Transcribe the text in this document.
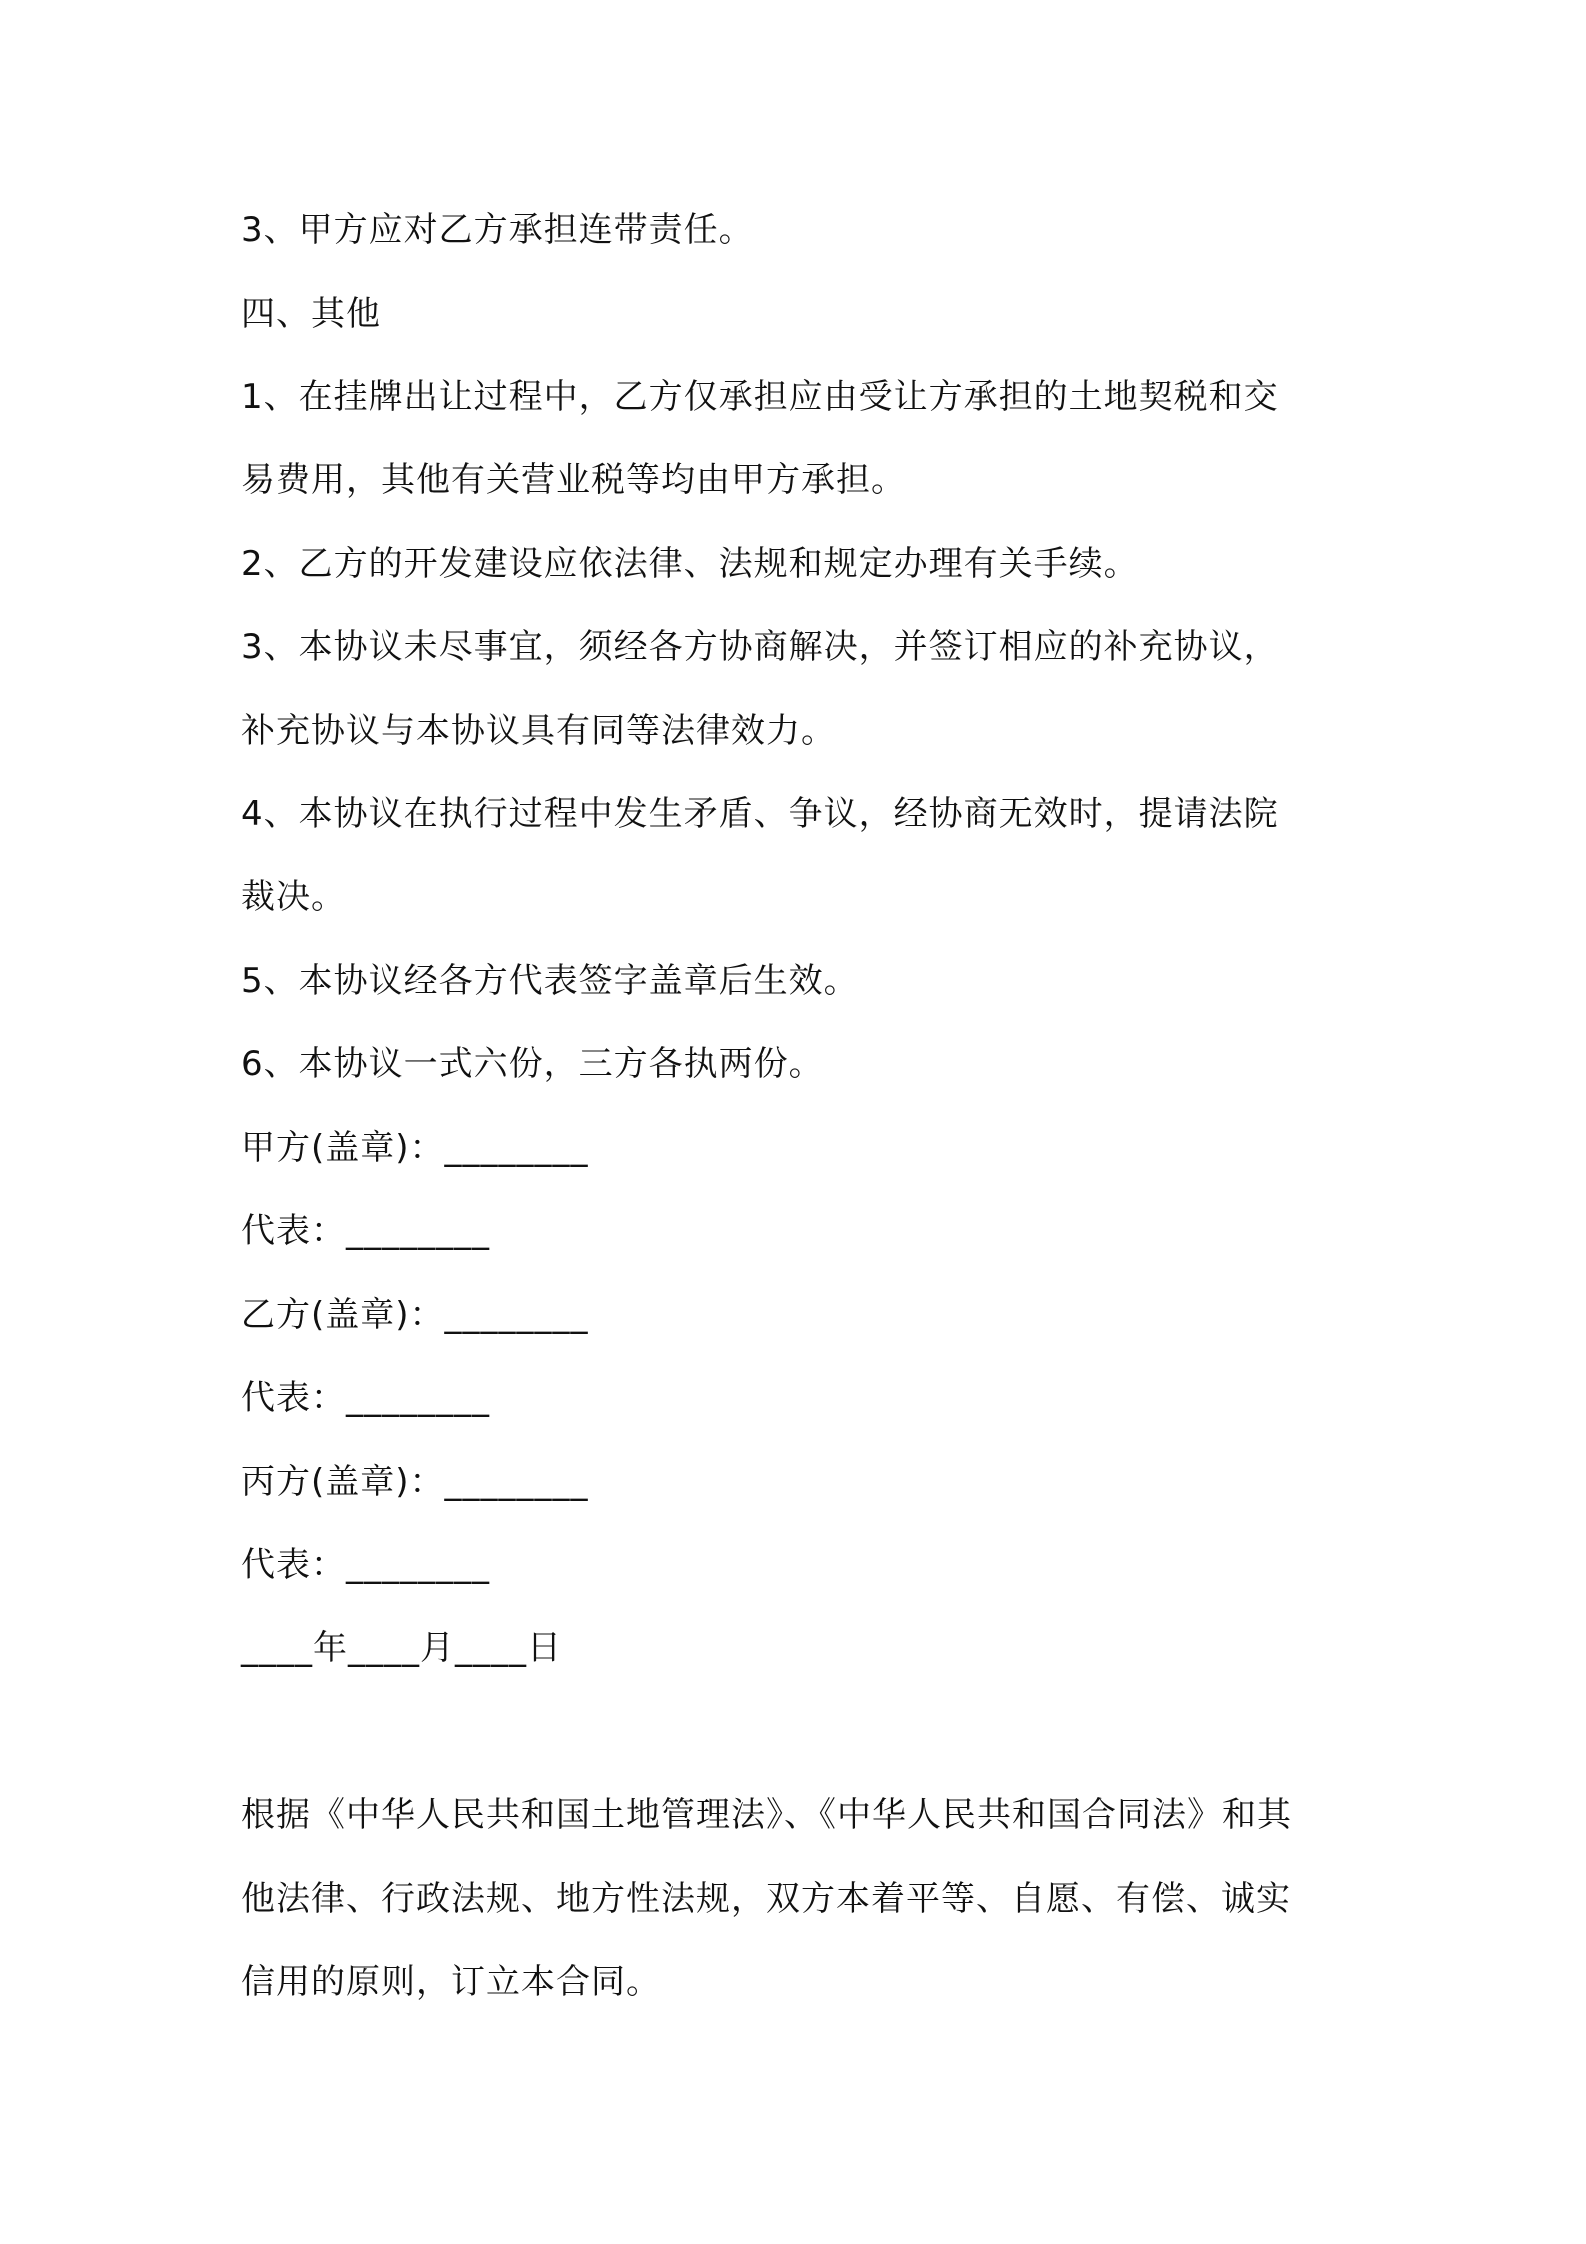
3、甲方应对乙方承担连带责任。
四、其他
1、在挂牌出让过程中，乙方仅承担应由受让方承担的土地契税和交
易费用，其他有关营业税等均由甲方承担。
2、乙方的开发建设应依法律、法规和规定办理有关手续。
3、本协议未尽事宜，须经各方协商解决，并签订相应的补充协议，
补充协议与本协议具有同等法律效力。
4、本协议在执行过程中发生矛盾、争议，经协商无效时，提请法院
裁决。
5、本协议经各方代表签字盖章后生效。
6、本协议一式六份，三方各执两份。
甲方(盖章)：________
代表：________
乙方(盖章)：________
代表：________
丙方(盖章)：________
代表：________
____年____月____日
根据《中华人民共和国土地管理法》、《中华人民共和国合同法》和其
他法律、行政法规、地方性法规，双方本着平等、自愿、有偿、诚实
信用的原则，订立本合同。
